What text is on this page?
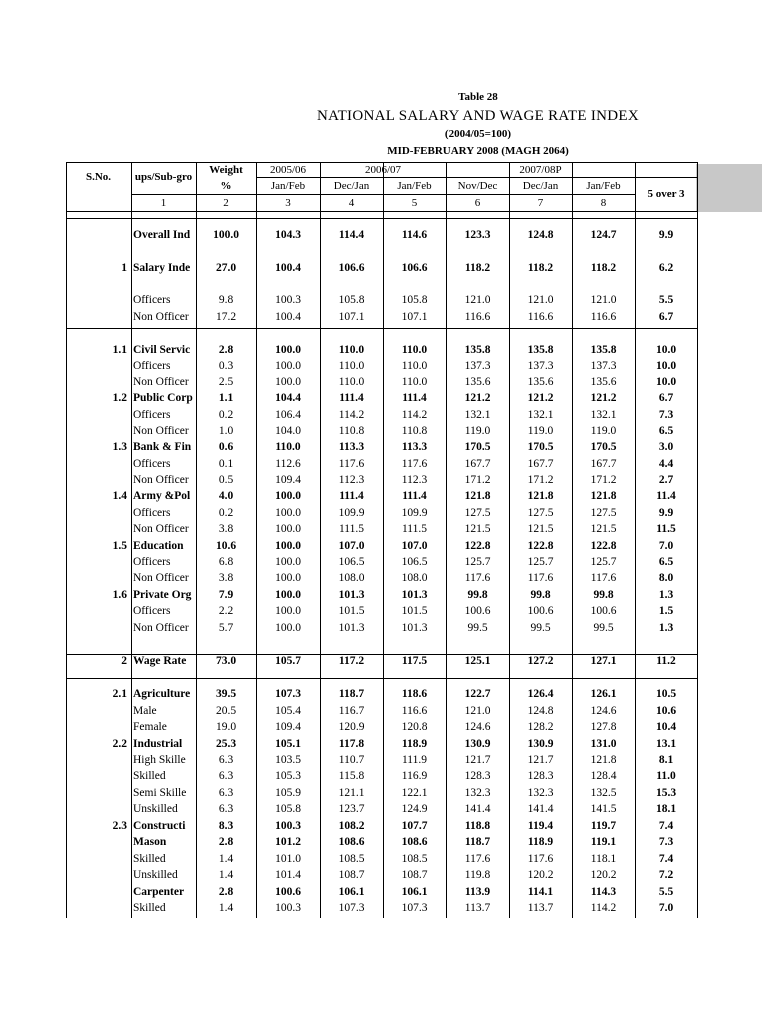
Table 28
NATIONAL SALARY AND WAGE RATE INDEX
(2004/05=100)
MID-FEBRUARY 2008 (MAGH 2064)
S.No.	ups/Sub-gro
Weight
%
2005/06	2006/07	2007/08P
Jan/Feb	Dec/Jan	Jan/Feb	Nov/Dec	Dec/Jan	Jan/Feb
5 over 3
1	2	3	4	5	6	7	8
Overall Ind	100.0	104.3	114.4	114.6	123.3	124.8	124.7	9.9
1 Salary Inde	27.0	100.4	106.6	106.6	118.2	118.2	118.2	6.2
Officers	9.8	100.3	105.8	105.8	121.0	121.0	121.0	5.5
Non Officer	17.2	100.4	107.1	107.1	116.6	116.6	116.6	6.7
1.1 Civil Servic	2.8	100.0	110.0	110.0	135.8	135.8	135.8	10.0
Officers	0.3	100.0	110.0	110.0	137.3	137.3	137.3	10.0
Non Officer	2.5	100.0	110.0	110.0	135.6	135.6	135.6	10.0
1.2 Public Corp	1.1	104.4	111.4	111.4	121.2	121.2	121.2	6.7
Officers	0.2	106.4	114.2	114.2	132.1	132.1	132.1	7.3
Non Officer	1.0	104.0	110.8	110.8	119.0	119.0	119.0	6.5
1.3 Bank & Fin	0.6	110.0	113.3	113.3	170.5	170.5	170.5	3.0
Officers	0.1	112.6	117.6	117.6	167.7	167.7	167.7	4.4
Non Officer	0.5	109.4	112.3	112.3	171.2	171.2	171.2	2.7
1.4 Army &Pol	4.0	100.0	111.4	111.4	121.8	121.8	121.8	11.4
Officers	0.2	100.0	109.9	109.9	127.5	127.5	127.5	9.9
Non Officer	3.8	100.0	111.5	111.5	121.5	121.5	121.5	11.5
1.5 Education	10.6	100.0	107.0	107.0	122.8	122.8	122.8	7.0
Officers	6.8	100.0	106.5	106.5	125.7	125.7	125.7	6.5
Non Officer	3.8	100.0	108.0	108.0	117.6	117.6	117.6	8.0
1.6 Private Org	7.9	100.0	101.3	101.3	99.8	99.8	99.8	1.3
Officers	2.2	100.0	101.5	101.5	100.6	100.6	100.6	1.5
Non Officer	5.7	100.0	101.3	101.3	99.5	99.5	99.5	1.3
2 Wage Rate	73.0	105.7	117.2	117.5	125.1	127.2	127.1	11.2
2.1 Agriculture	39.5	107.3	118.7	118.6	122.7	126.4	126.1	10.5
Male	20.5	105.4	116.7	116.6	121.0	124.8	124.6	10.6
Female	19.0	109.4	120.9	120.8	124.6	128.2	127.8	10.4
2.2 Industrial	25.3	105.1	117.8	118.9	130.9	130.9	131.0	13.1
High Skille	6.3	103.5	110.7	111.9	121.7	121.7	121.8	8.1
Skilled	6.3	105.3	115.8	116.9	128.3	128.3	128.4	11.0
Semi Skille	6.3	105.9	121.1	122.1	132.3	132.3	132.5	15.3
Unskilled	6.3	105.8	123.7	124.9	141.4	141.4	141.5	18.1
2.3 Constructi	8.3	100.3	108.2	107.7	118.8	119.4	119.7	7.4
Mason	2.8	101.2	108.6	108.6	118.7	118.9	119.1	7.3
Skilled	1.4	101.0	108.5	108.5	117.6	117.6	118.1	7.4
Unskilled	1.4	101.4	108.7	108.7	119.8	120.2	120.2	7.2
Carpenter	2.8	100.6	106.1	106.1	113.9	114.1	114.3	5.5
Skilled	1.4	100.3	107.3	107.3	113.7	113.7	114.2	7.0
